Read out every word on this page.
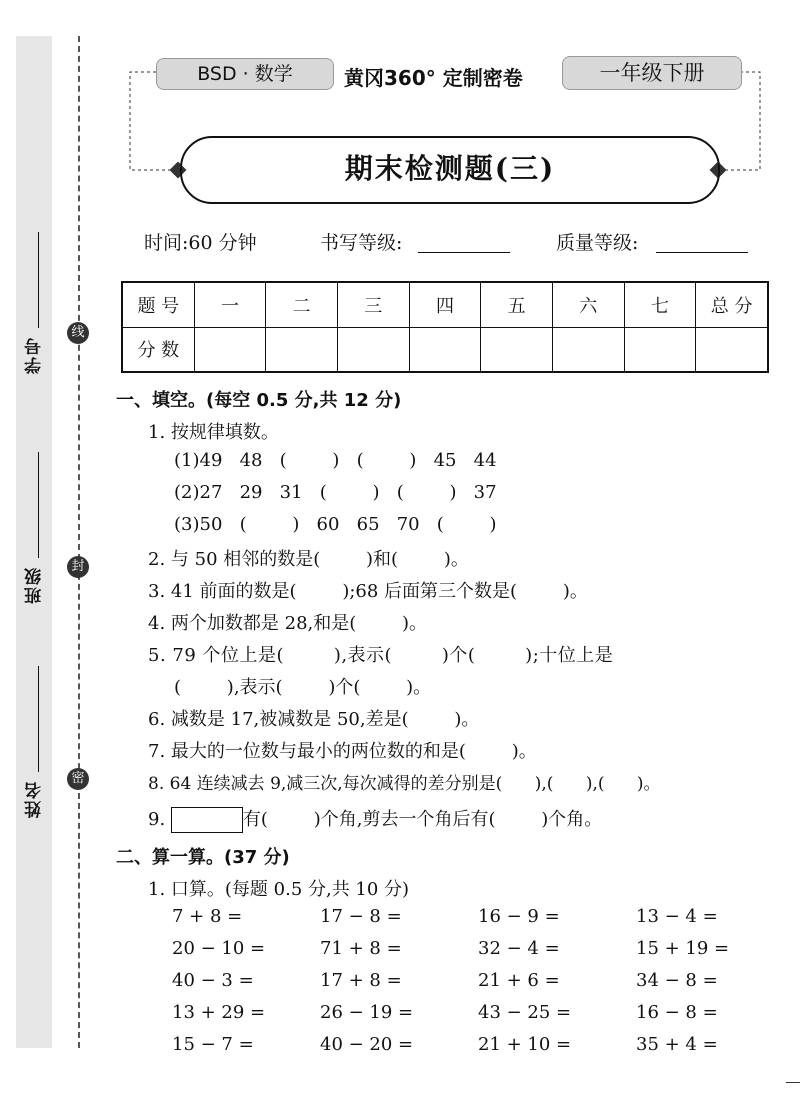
学号
班级
姓名
线
封
密
BSD · 数学	黄冈360° 定制密卷	一年级下册
期末检测题(三)
时间:60 分钟	书写等级:	质量等级:
题 号	一	二	三	四	五	六	七	总 分
分 数								
一、填空。(每空 0.5 分,共 12 分)
1. 按规律填数。
(1)49   48   (        )   (        )   45   44
(2)27   29   31   (        )   (        )   37
(3)50   (        )   60   65   70   (        )
2. 与 50 相邻的数是(        )和(        )。
3. 41 前面的数是(        );68 后面第三个数是(        )。
4. 两个加数都是 28,和是(        )。
5. 79 个位上是(        ),表示(        )个(        );十位上是
(        ),表示(        )个(        )。
6. 减数是 17,被减数是 50,差是(        )。
7. 最大的一位数与最小的两位数的和是(        )。
8. 64 连续减去 9,减三次,每次减得的差分别是(      ),(      ),(      )。
9.	有(        )个角,剪去一个角后有(        )个角。
二、算一算。(37 分)
1. 口算。(每题 0.5 分,共 10 分)
7 + 8 =	17 − 8 =	16 − 9 =	13 − 4 =
20 − 10 =	71 + 8 =	32 − 4 =	15 + 19 =
40 − 3 =	17 + 8 =	21 + 6 =	34 − 8 =
13 + 29 =	26 − 19 =	43 − 25 =	16 − 8 =
15 − 7 =	40 − 20 =	21 + 10 =	35 + 4 =
